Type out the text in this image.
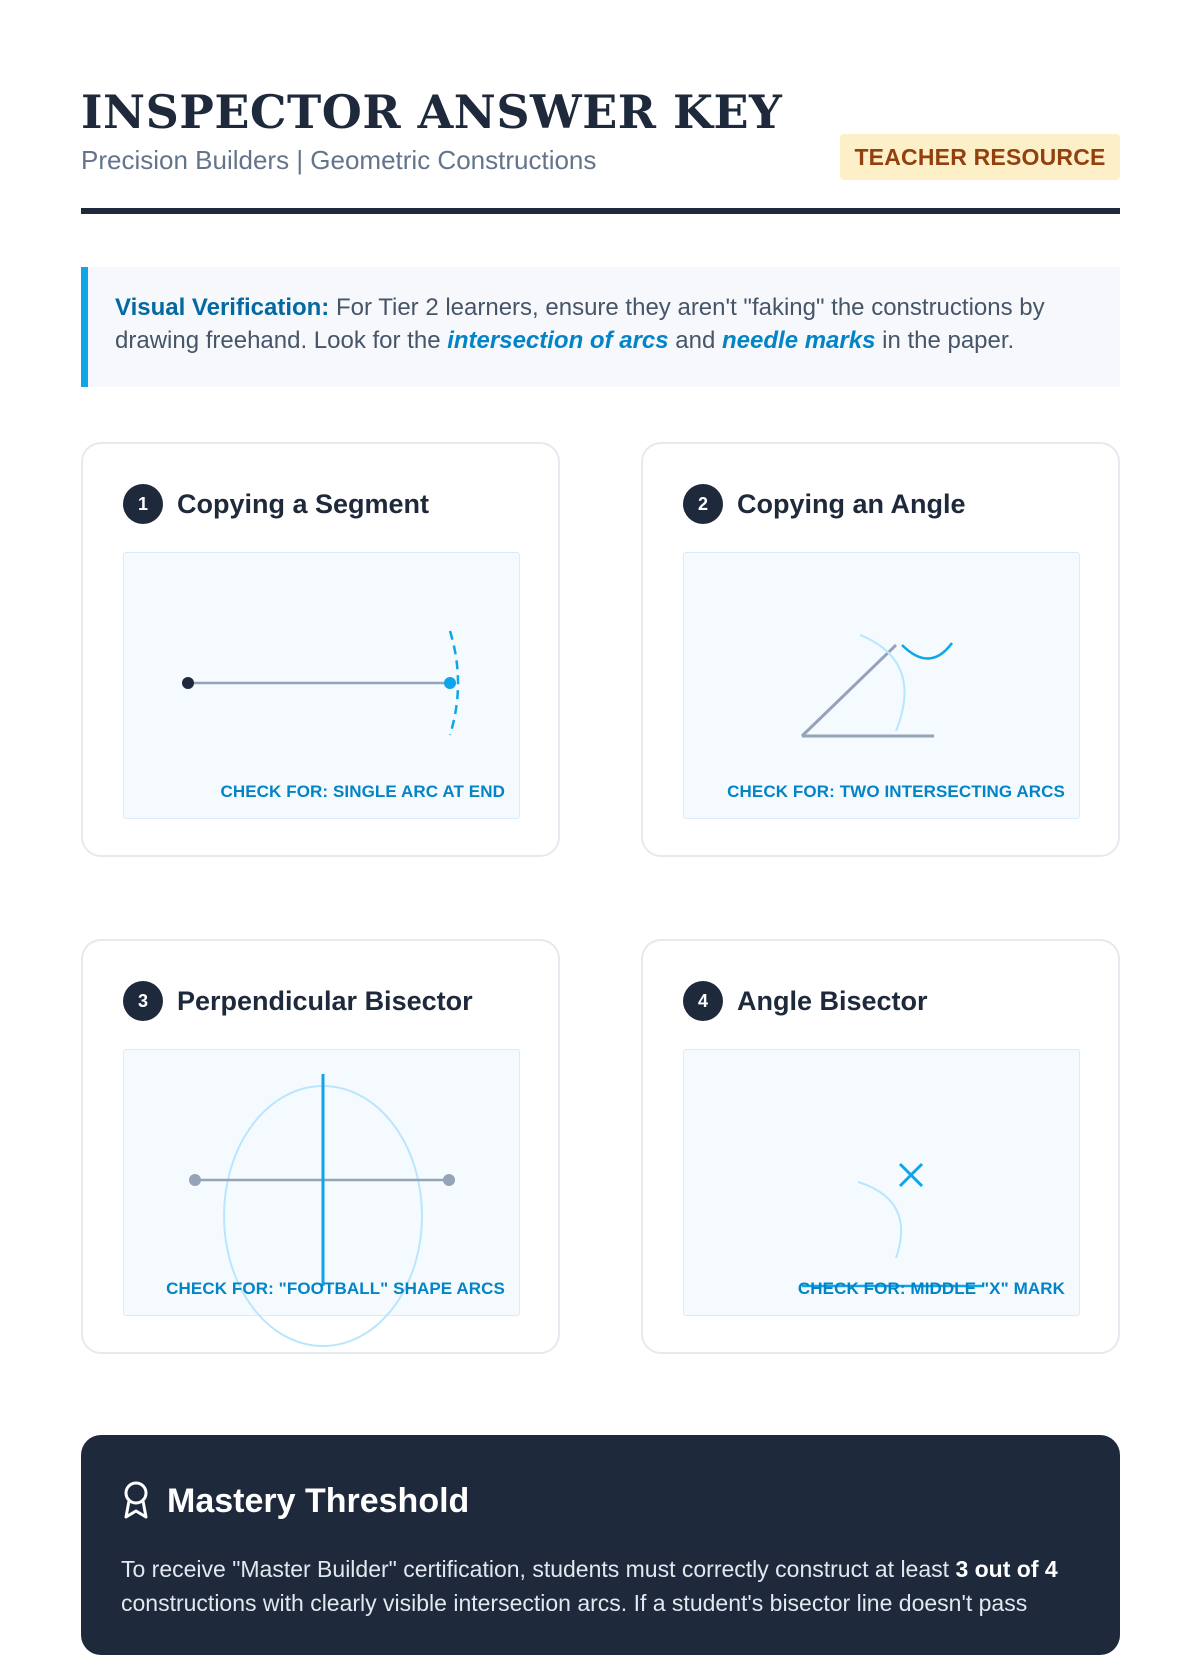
INSPECTOR ANSWER KEY
Precision Builders | Geometric Constructions	TEACHER RESOURCE
Visual Verification: For Tier 2 learners, ensure they aren't "faking" the constructions by drawing freehand. Look for the intersection of arcs and needle marks in the paper.
1	Copying a Segment
CHECK FOR: SINGLE ARC AT END
2	Copying an Angle
CHECK FOR: TWO INTERSECTING ARCS
3	Perpendicular Bisector
CHECK FOR: "FOOTBALL" SHAPE ARCS
4	Angle Bisector
CHECK FOR: MIDDLE "X" MARK
Mastery Threshold
To receive "Master Builder" certification, students must correctly construct at least 3 out of 4 constructions with clearly visible intersection arcs. If a student's bisector line doesn't pass
